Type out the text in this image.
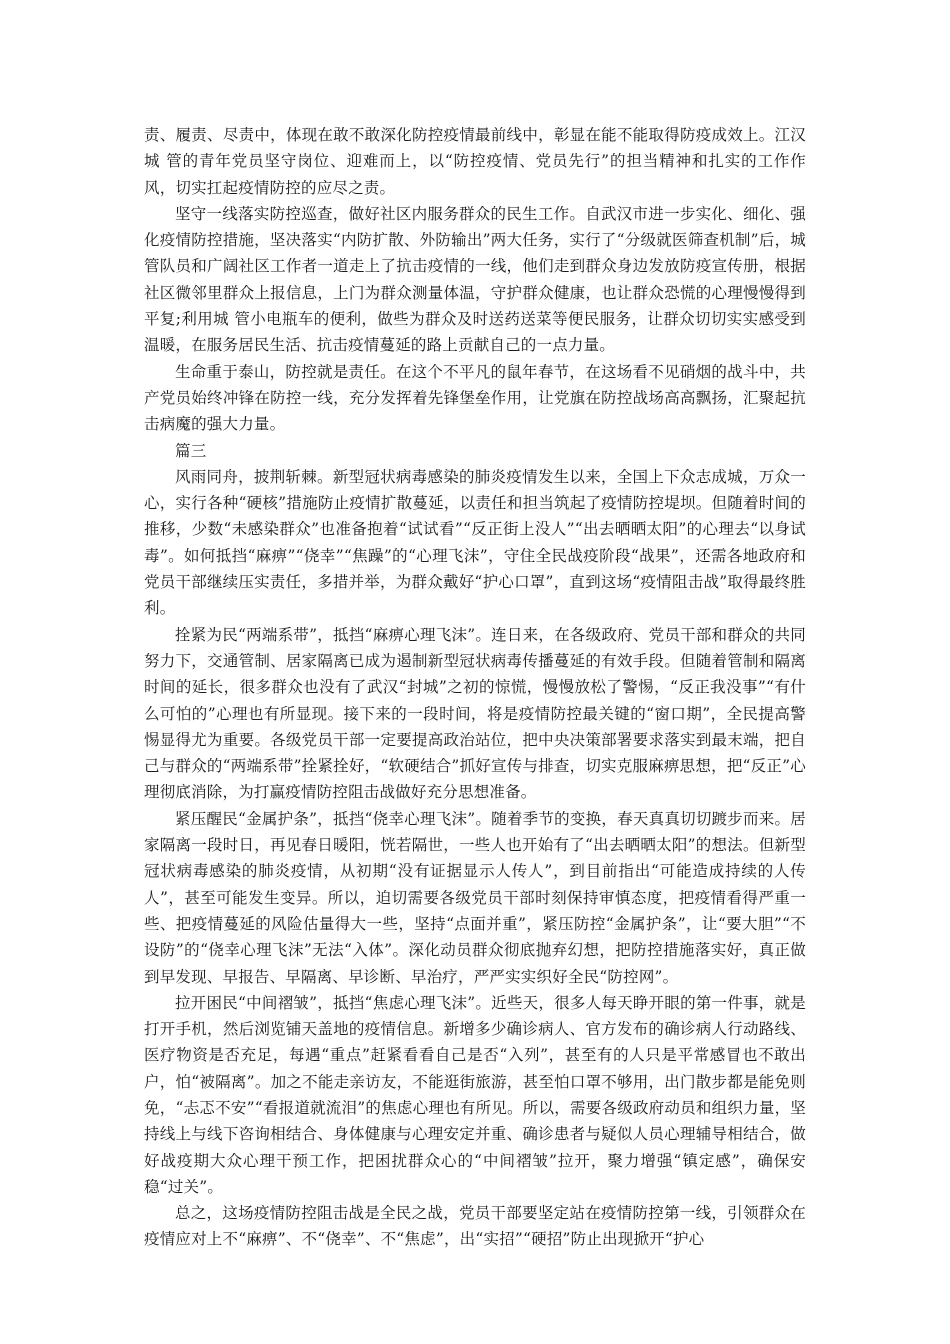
责、履责、尽责中，体现在敢不敢深化防控疫情最前线中，彰显在能不能取得防疫成效上。江汉城 管的青年党员坚守岗位、迎难而上，以“防控疫情、党员先行”的担当精神和扎实的工作作风，切实扛起疫情防控的应尽之责。

坚守一线落实防控巡查，做好社区内服务群众的民生工作。自武汉市进一步实化、细化、强化疫情防控措施，坚决落实“内防扩散、外防输出”两大任务，实行了“分级就医筛查机制”后，城 管队员和广阔社区工作者一道走上了抗击疫情的一线，他们走到群众身边发放防疫宣传册，根据社区微邻里群众上报信息，上门为群众测量体温，守护群众健康，也让群众恐慌的心理慢慢得到平复;利用城 管小电瓶车的便利，做些为群众及时送药送菜等便民服务，让群众切切实实感受到温暖，在服务居民生活、抗击疫情蔓延的路上贡献自己的一点力量。

生命重于泰山，防控就是责任。在这个不平凡的鼠年春节，在这场看不见硝烟的战斗中，共产党员始终冲锋在防控一线，充分发挥着先锋堡垒作用，让党旗在防控战场高高飘扬，汇聚起抗击病魔的强大力量。

篇三

风雨同舟，披荆斩棘。新型冠状病毒感染的肺炎疫情发生以来，全国上下众志成城，万众一心，实行各种“硬核”措施防止疫情扩散蔓延，以责任和担当筑起了疫情防控堤坝。但随着时间的推移，少数“未感染群众”也准备抱着“试试看”“反正街上没人”“出去晒晒太阳”的心理去“以身试毒”。如何抵挡“麻痹”“侥幸”“焦躁”的“心理飞沫”，守住全民战疫阶段“战果”，还需各地政府和党员干部继续压实责任，多措并举，为群众戴好“护心口罩”，直到这场“疫情阻击战”取得最终胜利。

拴紧为民“两端系带”，抵挡“麻痹心理飞沫”。连日来，在各级政府、党员干部和群众的共同努力下，交通管制、居家隔离已成为遏制新型冠状病毒传播蔓延的有效手段。但随着管制和隔离时间的延长，很多群众也没有了武汉“封城”之初的惊慌，慢慢放松了警惕，“反正我没事”“有什么可怕的”心理也有所显现。接下来的一段时间，将是疫情防控最关键的“窗口期”，全民提高警惕显得尤为重要。各级党员干部一定要提高政治站位，把中央决策部署要求落实到最末端，把自己与群众的“两端系带”拴紧拴好，“软硬结合”抓好宣传与排查，切实克服麻痹思想，把“反正”心理彻底消除，为打赢疫情防控阻击战做好充分思想准备。

紧压醒民“金属护条”，抵挡“侥幸心理飞沫”。随着季节的变换，春天真真切切踱步而来。居家隔离一段时日，再见春日暖阳，恍若隔世，一些人也开始有了“出去晒晒太阳”的想法。但新型冠状病毒感染的肺炎疫情，从初期“没有证据显示人传人”，到目前指出“可能造成持续的人传人”，甚至可能发生变异。所以，迫切需要各级党员干部时刻保持审慎态度，把疫情看得严重一些、把疫情蔓延的风险估量得大一些，坚持“点面并重”，紧压防控“金属护条”，让“要大胆”“不设防”的“侥幸心理飞沫”无法“入体”。深化动员群众彻底抛弃幻想，把防控措施落实好，真正做到早发现、早报告、早隔离、早诊断、早治疗，严严实实织好全民“防控网”。

拉开困民“中间褶皱”，抵挡“焦虑心理飞沫”。近些天，很多人每天睁开眼的第一件事，就是打开手机，然后浏览铺天盖地的疫情信息。新增多少确诊病人、官方发布的确诊病人行动路线、医疗物资是否充足，每遇“重点”赶紧看看自己是否“入列”，甚至有的人只是平常感冒也不敢出户，怕“被隔离”。加之不能走亲访友，不能逛街旅游，甚至怕口罩不够用，出门散步都是能免则免，“忐忑不安”“看报道就流泪”的焦虑心理也有所见。所以，需要各级政府动员和组织力量，坚持线上与线下咨询相结合、身体健康与心理安定并重、确诊患者与疑似人员心理辅导相结合，做好战疫期大众心理干预工作，把困扰群众心的“中间褶皱”拉开，聚力增强“镇定感”，确保安稳“过关”。

总之，这场疫情防控阻击战是全民之战，党员干部要坚定站在疫情防控第一线，引领群众在疫情应对上不“麻痹”、不“侥幸”、不“焦虑”，出“实招”“硬招”防止出现掀开“护心
